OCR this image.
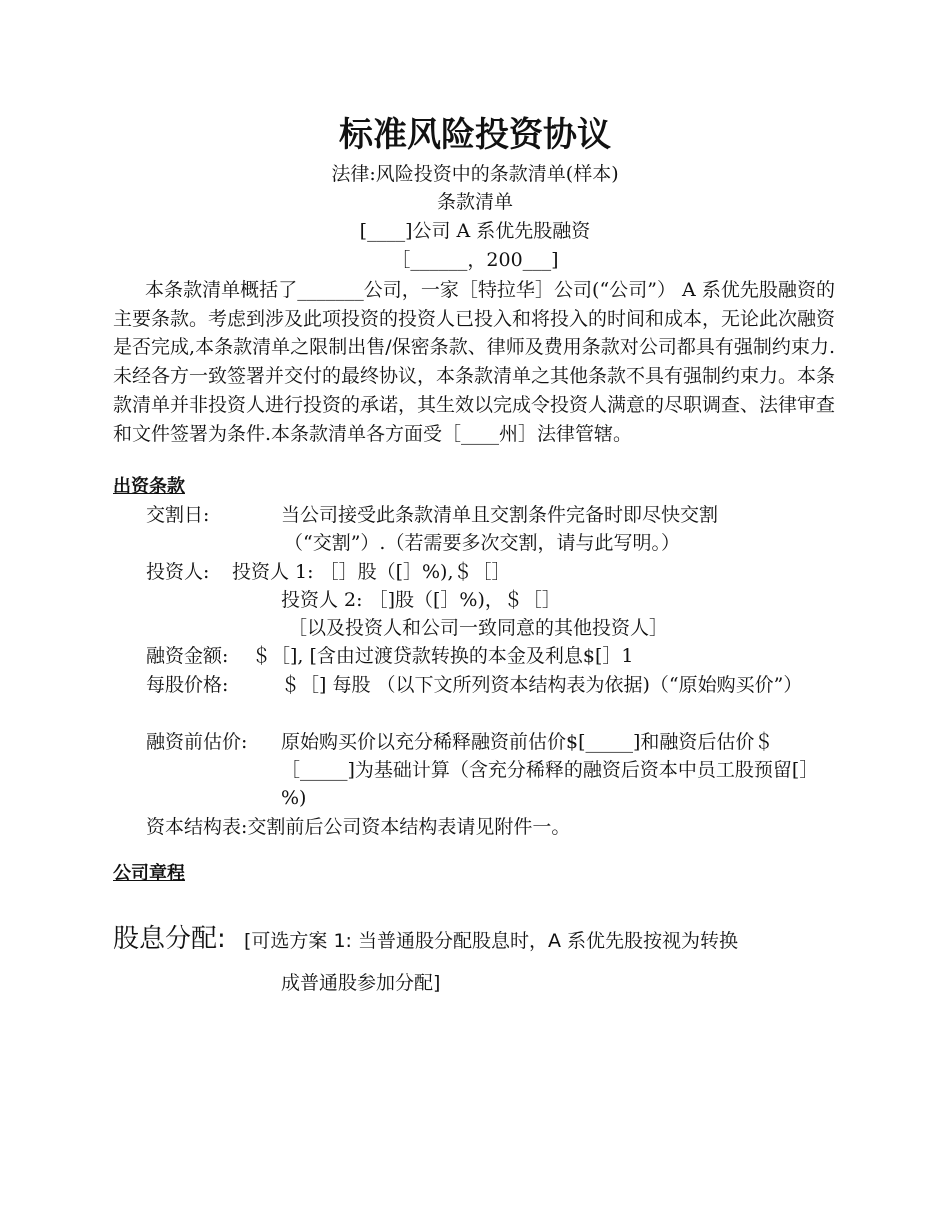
标准风险投资协议
法律:风险投资中的条款清单(样本)
条款清单
[____]公司 A 系优先股融资
［______，200___]
本条款清单概括了_______公司，一家［特拉华］公司(“公司”） A 系优先股融资的主要条款。考虑到涉及此项投资的投资人已投入和将投入的时间和成本，无论此次融资是否完成,本条款清单之限制出售/保密条款、律师及费用条款对公司都具有强制约束力.未经各方一致签署并交付的最终协议，本条款清单之其他条款不具有强制约束力。本条款清单并非投资人进行投资的承诺，其生效以完成令投资人满意的尽职调查、法律审查和文件签署为条件.本条款清单各方面受［____州］法律管辖。
出资条款
交割日:	当公司接受此条款清单且交割条件完备时即尽快交割
（“交割”）.（若需要多次交割，请与此写明。）
投资人: 投资人 1: ［］股（[］%),＄［］
投资人 2: ［]股（[］%)，＄［］
［以及投资人和公司一致同意的其他投资人］
融资金额: ＄［], [含由过渡贷款转换的本金及利息$[］1
每股价格:	＄［] 每股 （以下文所列资本结构表为依据)（“原始购买价”）
融资前估价: 原始购买价以充分稀释融资前估价$[_____]和融资后估价＄［_____]为基础计算（含充分稀释的融资后资本中员工股预留[］%)
资本结构表:交割前后公司资本结构表请见附件一。
公司章程
股息分配: [可选方案 1: 当普通股分配股息时，A 系优先股按视为转换
成普通股参加分配]
